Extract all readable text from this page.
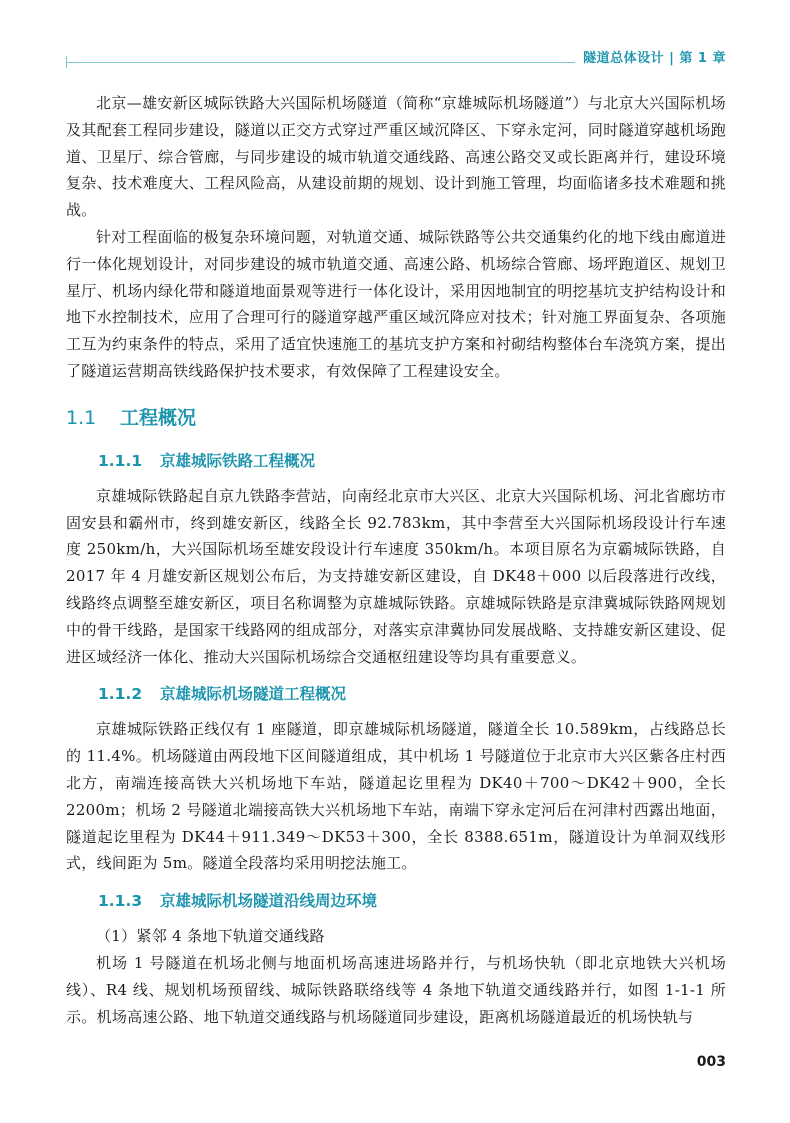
隧道总体设计 | 第 1 章

北京—雄安新区城际铁路大兴国际机场隧道（简称“京雄城际机场隧道”）与北京大兴国际机场及其配套工程同步建设，隧道以正交方式穿过严重区域沉降区、下穿永定河，同时隧道穿越机场跑道、卫星厅、综合管廊，与同步建设的城市轨道交通线路、高速公路交叉或长距离并行，建设环境复杂、技术难度大、工程风险高，从建设前期的规划、设计到施工管理，均面临诸多技术难题和挑战。

针对工程面临的极复杂环境问题，对轨道交通、城际铁路等公共交通集约化的地下线由廊道进行一体化规划设计，对同步建设的城市轨道交通、高速公路、机场综合管廊、场坪跑道区、规划卫星厅、机场内绿化带和隧道地面景观等进行一体化设计，采用因地制宜的明挖基坑支护结构设计和地下水控制技术，应用了合理可行的隧道穿越严重区域沉降应对技术；针对施工界面复杂、各项施工互为约束条件的特点，采用了适宜快速施工的基坑支护方案和衬砌结构整体台车浇筑方案，提出了隧道运营期高铁线路保护技术要求，有效保障了工程建设安全。

1.1 工程概况
1.1.1 京雄城际铁路工程概况

京雄城际铁路起自京九铁路李营站，向南经北京市大兴区、北京大兴国际机场、河北省廊坊市固安县和霸州市，终到雄安新区，线路全长 92.783km，其中李营至大兴国际机场段设计行车速度 250km/h，大兴国际机场至雄安段设计行车速度 350km/h。本项目原名为京霸城际铁路，自 2017 年 4 月雄安新区规划公布后，为支持雄安新区建设，自 DK48＋000 以后段落进行改线，线路终点调整至雄安新区，项目名称调整为京雄城际铁路。京雄城际铁路是京津冀城际铁路网规划中的骨干线路，是国家干线路网的组成部分，对落实京津冀协同发展战略、支持雄安新区建设、促进区域经济一体化、推动大兴国际机场综合交通枢纽建设等均具有重要意义。

1.1.2 京雄城际机场隧道工程概况

京雄城际铁路正线仅有 1 座隧道，即京雄城际机场隧道，隧道全长 10.589km，占线路总长的 11.4%。机场隧道由两段地下区间隧道组成，其中机场 1 号隧道位于北京市大兴区紫各庄村西北方，南端连接高铁大兴机场地下车站，隧道起讫里程为 DK40＋700～DK42＋900，全长 2200m；机场 2 号隧道北端接高铁大兴机场地下车站，南端下穿永定河后在河津村西露出地面，隧道起讫里程为 DK44＋911.349～DK53＋300，全长 8388.651m，隧道设计为单洞双线形式，线间距为 5m。隧道全段落均采用明挖法施工。

1.1.3 京雄城际机场隧道沿线周边环境

（1）紧邻 4 条地下轨道交通线路

机场 1 号隧道在机场北侧与地面机场高速进场路并行，与机场快轨（即北京地铁大兴机场线）、R4 线、规划机场预留线、城际铁路联络线等 4 条地下轨道交通线路并行，如图 1-1-1 所示。机场高速公路、地下轨道交通线路与机场隧道同步建设，距离机场隧道最近的机场快轨与

003
